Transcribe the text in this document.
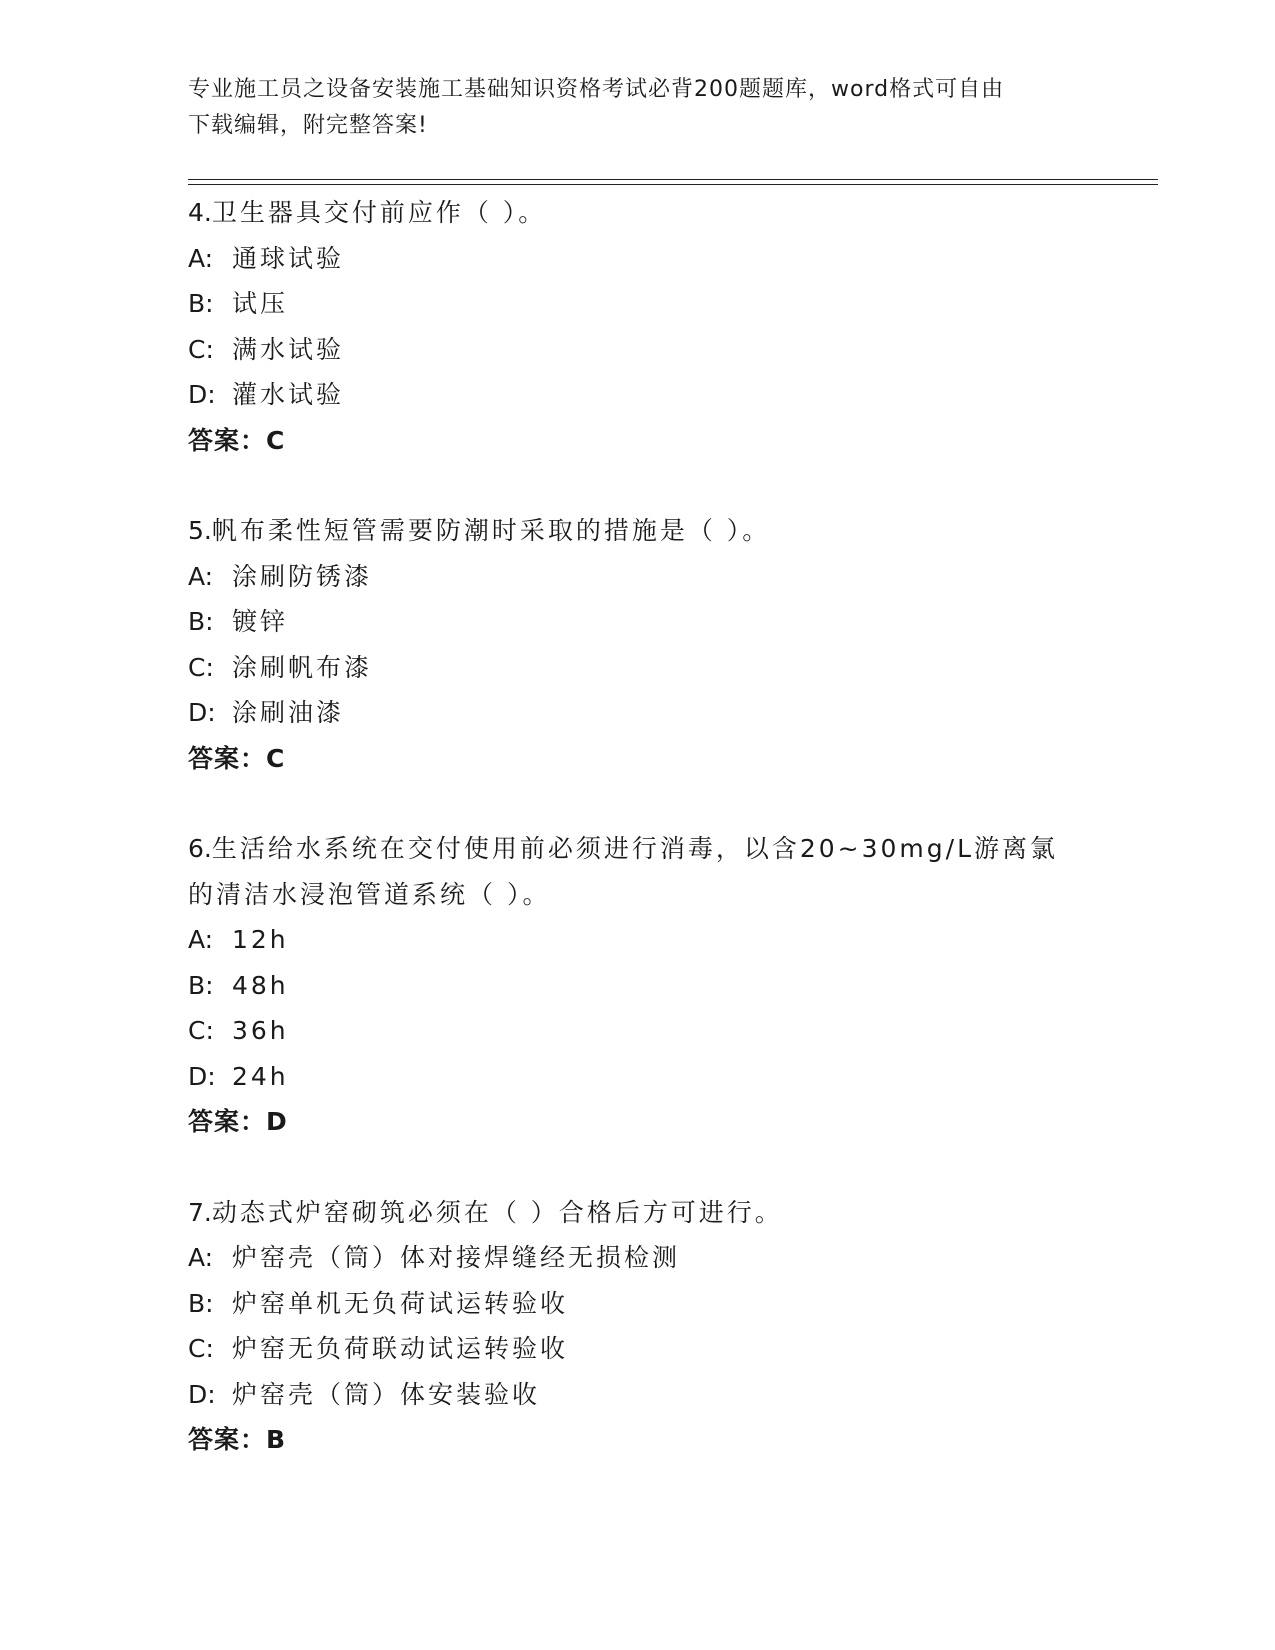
专业施工员之设备安装施工基础知识资格考试必背200题题库，word格式可自由
下载编辑，附完整答案!
4.卫生器具交付前应作（ ）。
A: 通球试验
B: 试压
C: 满水试验
D: 灌水试验
答案：C
5.帆布柔性短管需要防潮时采取的措施是（ ）。
A: 涂刷防锈漆
B: 镀锌
C: 涂刷帆布漆
D: 涂刷油漆
答案：C
6.生活给水系统在交付使用前必须进行消毒，以含20~30mg/L游离氯
的清洁水浸泡管道系统（ ）。
A: 12h
B: 48h
C: 36h
D: 24h
答案：D
7.动态式炉窑砌筑必须在（ ）合格后方可进行。
A: 炉窑壳（筒）体对接焊缝经无损检测
B: 炉窑单机无负荷试运转验收
C: 炉窑无负荷联动试运转验收
D: 炉窑壳（筒）体安装验收
答案：B
